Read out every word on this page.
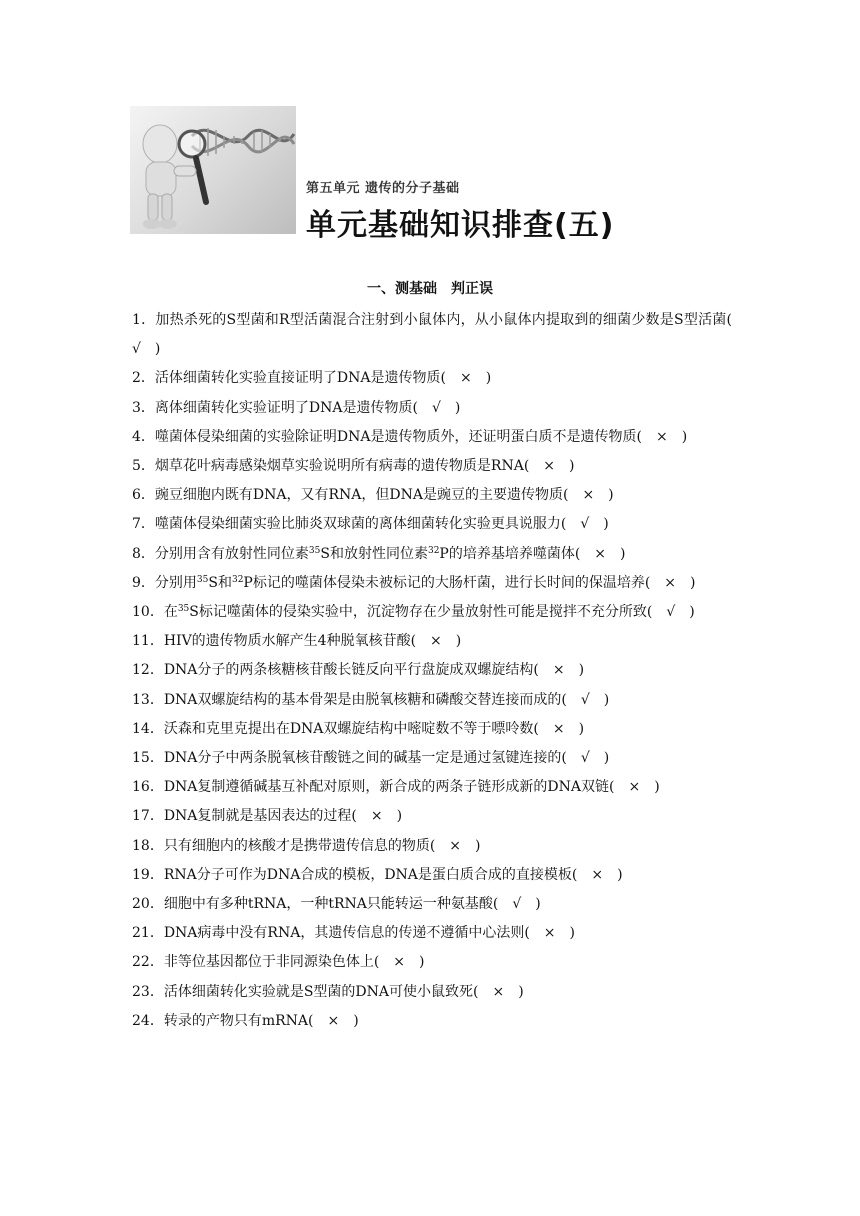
第五单元 遗传的分子基础
单元基础知识排查(五)
一、测基础　判正误
1．加热杀死的S型菌和R型活菌混合注射到小鼠体内，从小鼠体内提取到的细菌少数是S型活菌(　√　)
2．活体细菌转化实验直接证明了DNA是遗传物质(　×　)
3．离体细菌转化实验证明了DNA是遗传物质(　√　)
4．噬菌体侵染细菌的实验除证明DNA是遗传物质外，还证明蛋白质不是遗传物质(　×　)
5．烟草花叶病毒感染烟草实验说明所有病毒的遗传物质是RNA(　×　)
6．豌豆细胞内既有DNA，又有RNA，但DNA是豌豆的主要遗传物质(　×　)
7．噬菌体侵染细菌实验比肺炎双球菌的离体细菌转化实验更具说服力(　√　)
8．分别用含有放射性同位素$^{35}$S和放射性同位素$^{32}$P的培养基培养噬菌体(　×　)
9．分别用$^{35}$S和$^{32}$P标记的噬菌体侵染未被标记的大肠杆菌，进行长时间的保温培养(　×　)
10．在$^{35}$S标记噬菌体的侵染实验中，沉淀物存在少量放射性可能是搅拌不充分所致(　√　)
11．HIV的遗传物质水解产生4种脱氧核苷酸(　×　)
12．DNA分子的两条核糖核苷酸长链反向平行盘旋成双螺旋结构(　×　)
13．DNA双螺旋结构的基本骨架是由脱氧核糖和磷酸交替连接而成的(　√　)
14．沃森和克里克提出在DNA双螺旋结构中嘧啶数不等于嘌呤数(　×　)
15．DNA分子中两条脱氧核苷酸链之间的碱基一定是通过氢键连接的(　√　)
16．DNA复制遵循碱基互补配对原则，新合成的两条子链形成新的DNA双链(　×　)
17．DNA复制就是基因表达的过程(　×　)
18．只有细胞内的核酸才是携带遗传信息的物质(　×　)
19．RNA分子可作为DNA合成的模板，DNA是蛋白质合成的直接模板(　×　)
20．细胞中有多种tRNA，一种tRNA只能转运一种氨基酸(　√　)
21．DNA病毒中没有RNA，其遗传信息的传递不遵循中心法则(　×　)
22．非等位基因都位于非同源染色体上(　×　)
23．活体细菌转化实验就是S型菌的DNA可使小鼠致死(　×　)
24．转录的产物只有mRNA(　×　)
